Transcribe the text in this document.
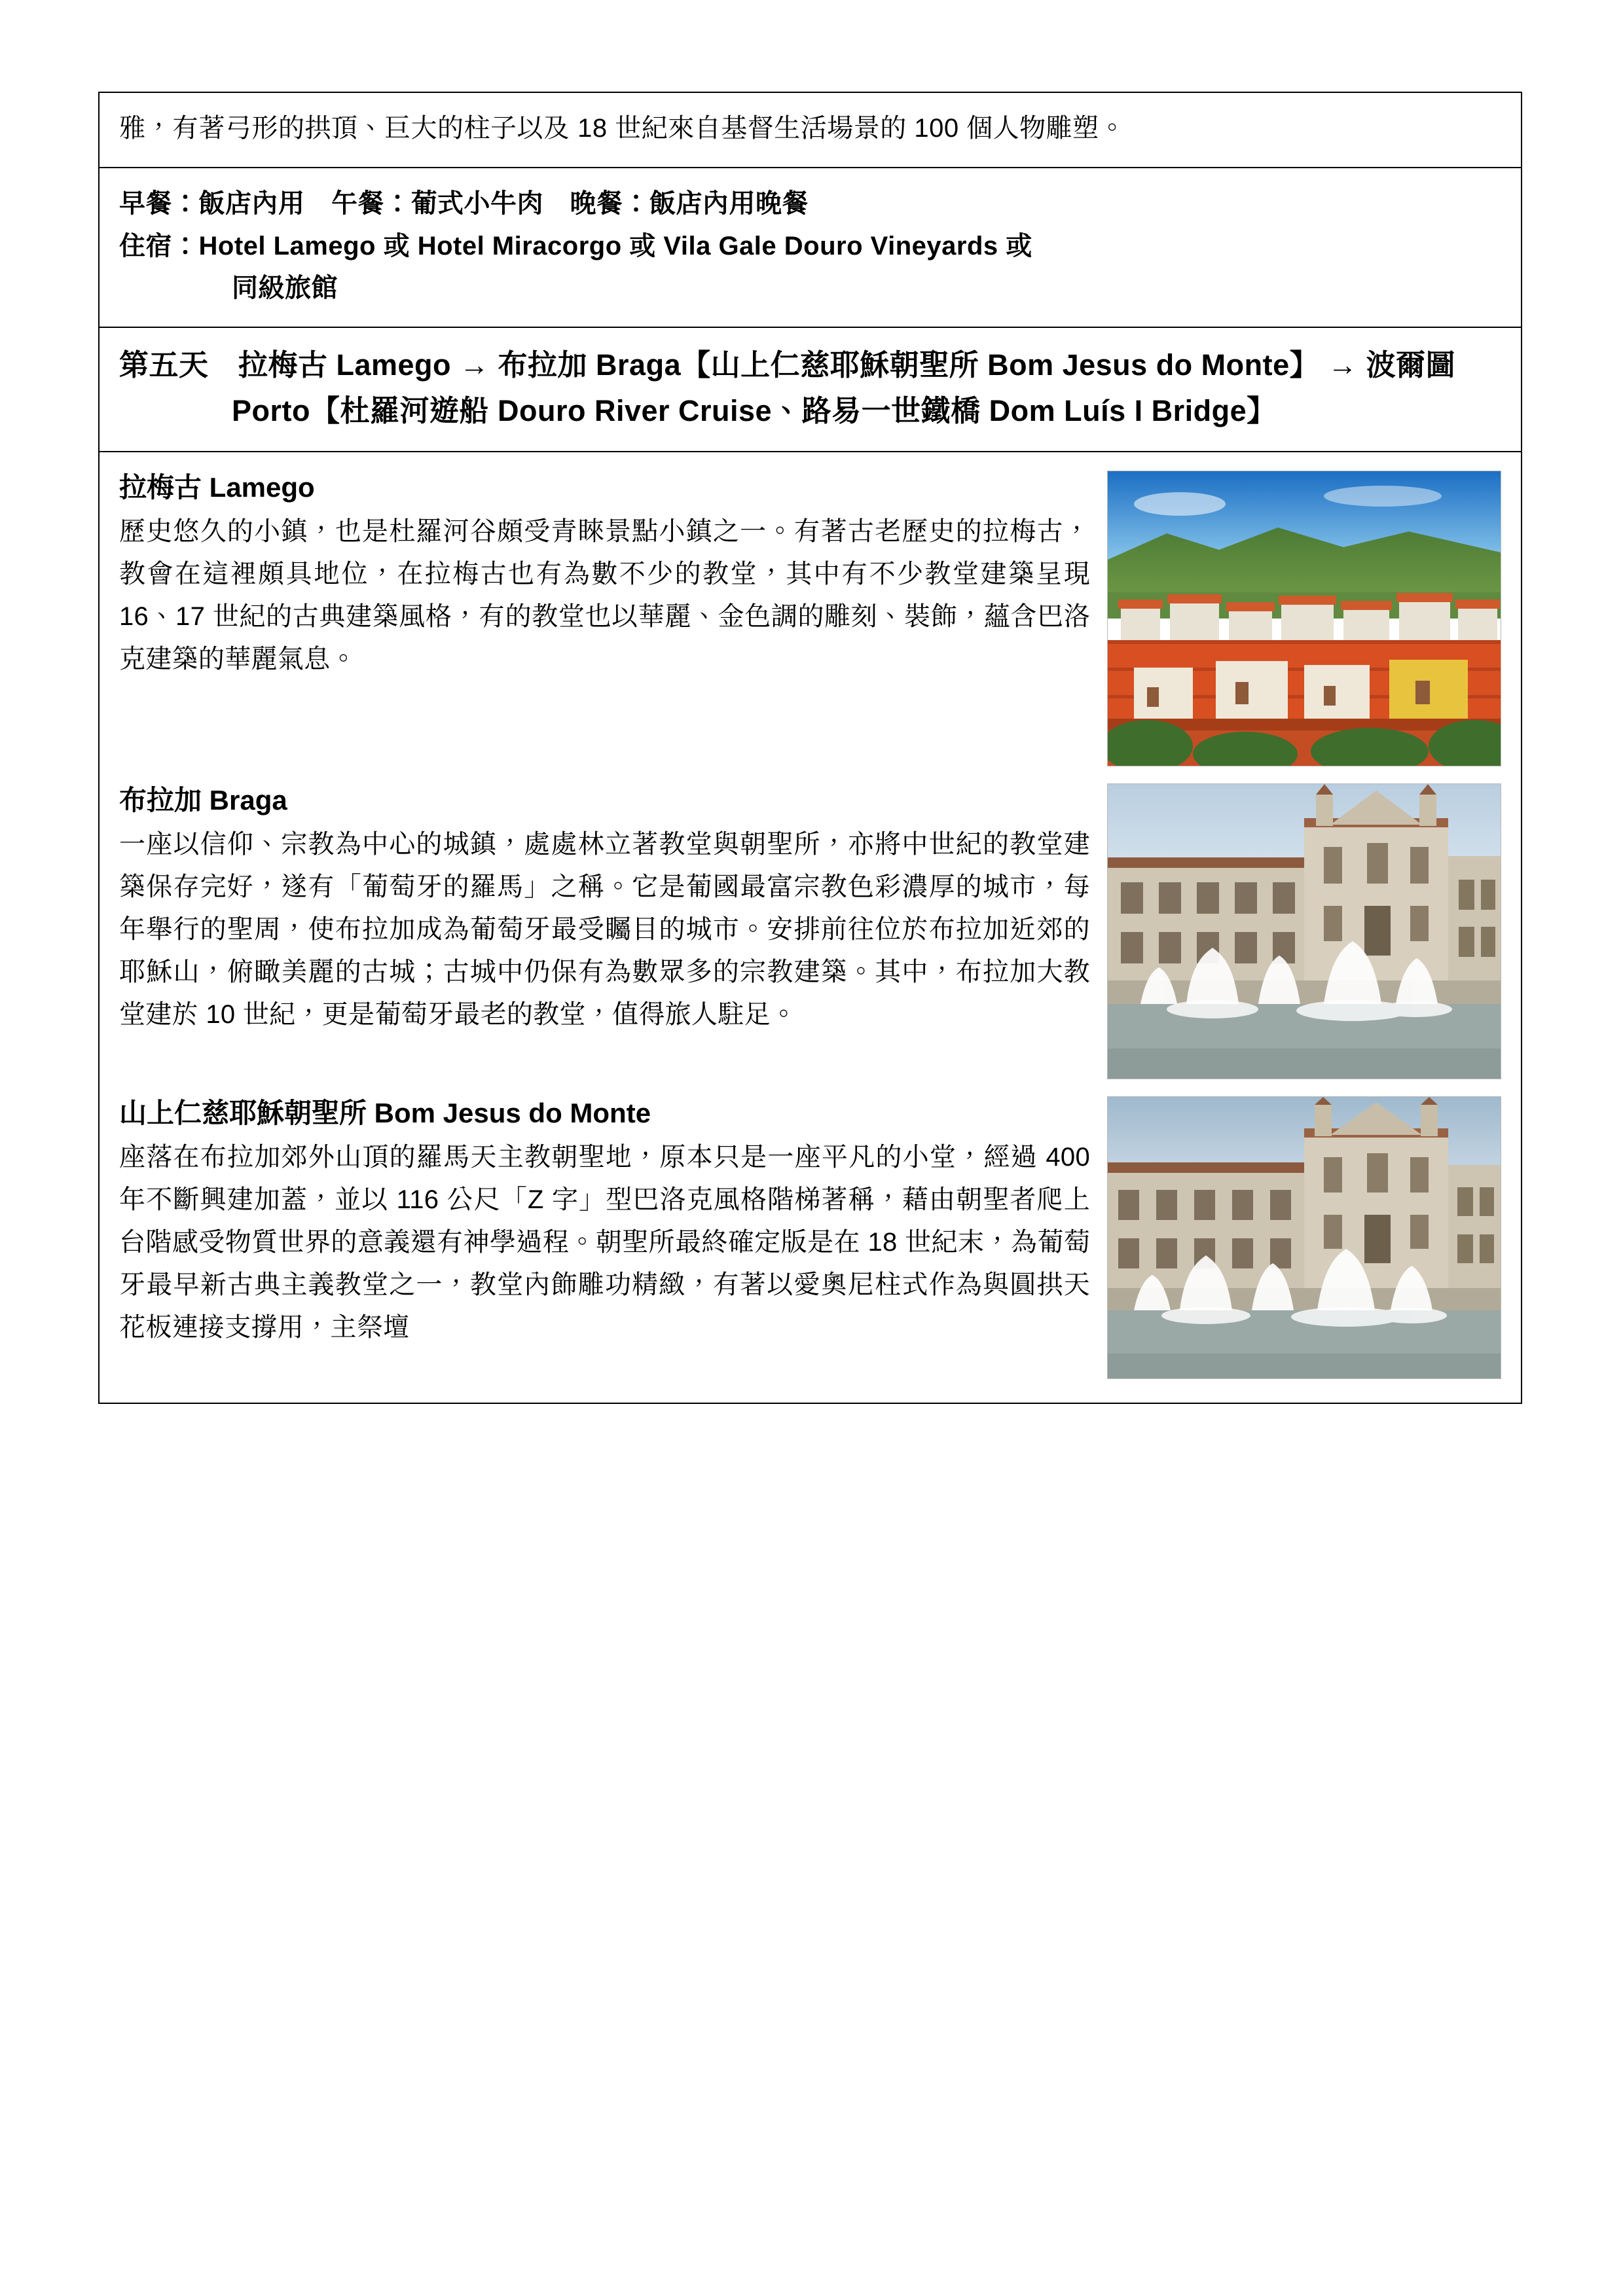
雅，有著弓形的拱頂、巨大的柱子以及 18 世紀來自基督生活場景的 100 個人物雕塑。

早餐：飯店內用　午餐：葡式小牛肉　晚餐：飯店內用晚餐

住宿：Hotel Lamego 或 Hotel Miracorgo 或 Vila Gale Douro Vineyards 或

同級旅館

第五天　拉梅古 Lamego → 布拉加 Braga【山上仁慈耶穌朝聖所 Bom Jesus do Monte】 → 波爾圖 Porto【杜羅河遊船 Douro River Cruise、路易一世鐵橋 Dom Luís I Bridge】

拉梅古 Lamego

歷史悠久的小鎮，也是杜羅河谷頗受青睞景點小鎮之一。有著古老歷史的拉梅古，教會在這裡頗具地位，在拉梅古也有為數不少的教堂，其中有不少教堂建築呈現 16、17 世紀的古典建築風格，有的教堂也以華麗、金色調的雕刻、裝飾，蘊含巴洛克建築的華麗氣息。

布拉加 Braga

一座以信仰、宗教為中心的城鎮，處處林立著教堂與朝聖所，亦將中世紀的教堂建築保存完好，遂有「葡萄牙的羅馬」之稱。它是葡國最富宗教色彩濃厚的城市，每年舉行的聖周，使布拉加成為葡萄牙最受矚目的城市。安排前往位於布拉加近郊的耶穌山，俯瞰美麗的古城；古城中仍保有為數眾多的宗教建築。其中，布拉加大教堂建於 10 世紀，更是葡萄牙最老的教堂，值得旅人駐足。

山上仁慈耶穌朝聖所 Bom Jesus do Monte

座落在布拉加郊外山頂的羅馬天主教朝聖地，原本只是一座平凡的小堂，經過 400 年不斷興建加蓋，並以 116 公尺「Z 字」型巴洛克風格階梯著稱，藉由朝聖者爬上台階感受物質世界的意義還有神學過程。朝聖所最終確定版是在 18 世紀末，為葡萄牙最早新古典主義教堂之一，教堂內飾雕功精緻，有著以愛奧尼柱式作為與圓拱天花板連接支撐用，主祭壇
